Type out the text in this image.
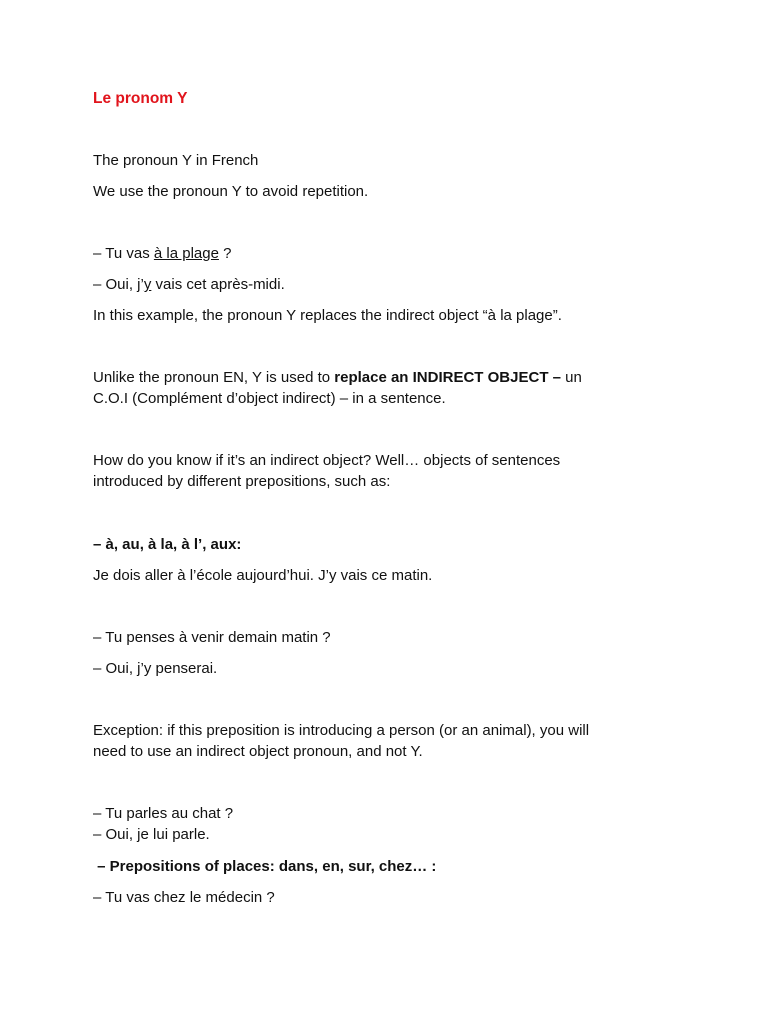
Le pronom Y
The pronoun Y in French
We use the pronoun Y to avoid repetition.
– Tu vas à la plage ?
– Oui, j’y vais cet après-midi.
In this example, the pronoun Y replaces the indirect object “à la plage”.
Unlike the pronoun EN, Y is used to replace an INDIRECT OBJECT – un
C.O.I (Complément d’object indirect) – in a sentence.
How do you know if it’s an indirect object? Well… objects of sentences
introduced by different prepositions, such as:
– à, au, à la, à l’, aux:
Je dois aller à l’école aujourd’hui. J’y vais ce matin.
– Tu penses à venir demain matin ?
– Oui, j’y penserai.
Exception: if this preposition is introducing a person (or an animal), you will
need to use an indirect object pronoun, and not Y.
– Tu parles au chat ?
– Oui, je lui parle.
– Prepositions of places: dans, en, sur, chez… :
– Tu vas chez le médecin ?
